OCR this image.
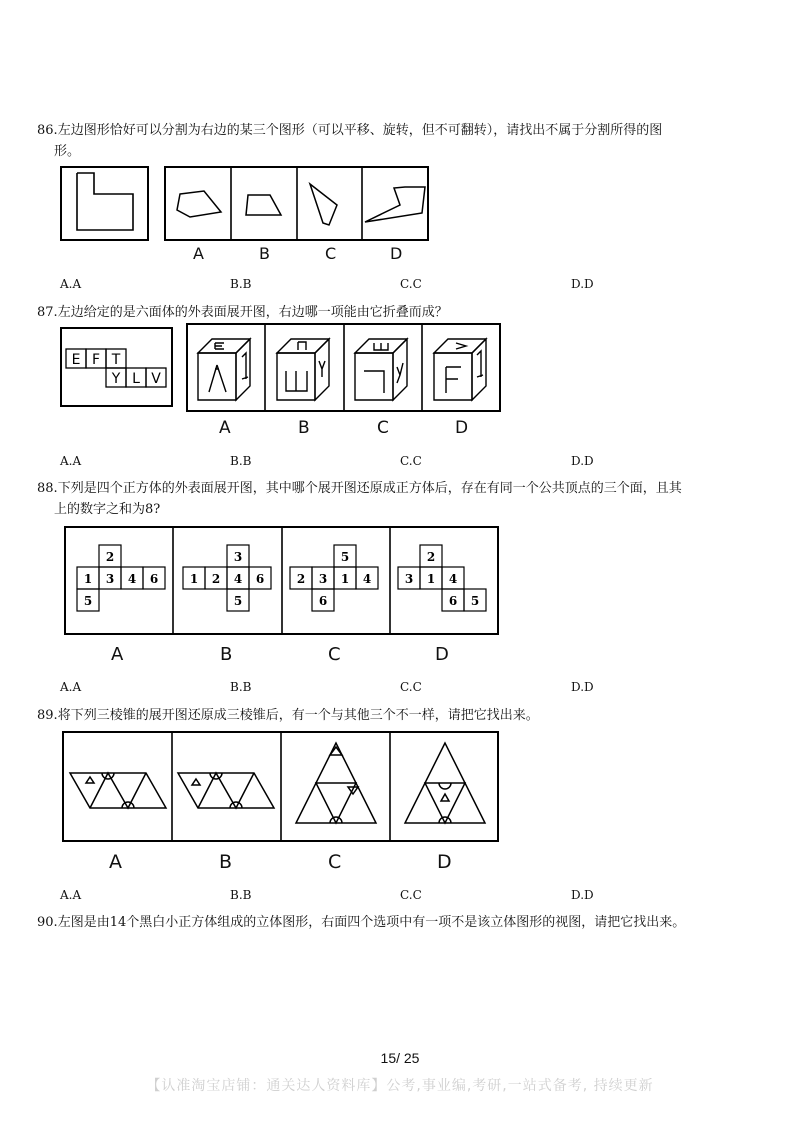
86.左边图形恰好可以分割为右边的某三个图形（可以平移、旋转，但不可翻转），请找出不属于分割所得的图
形。
A	B	C	D
A.A	B.B	C.C	D.D
87.左边给定的是六面体的外表面展开图，右边哪一项能由它折叠而成？
E F T
Y L V
A	B	C	D
A.A	B.B	C.C	D.D
88.下列是四个正方体的外表面展开图，其中哪个展开图还原成正方体后，存在有同一个公共顶点的三个面，且其
上的数字之和为8?
2
1 3 4 6
5
3
1 2 4 6
5
5
2 3 1 4
6
2
3 1 4
6 5
A	B	C	D
A.A	B.B	C.C	D.D
89.将下列三棱锥的展开图还原成三棱锥后，有一个与其他三个不一样，请把它找出来。
A	B	C	D
A.A	B.B	C.C	D.D
90.左图是由14个黑白小正方体组成的立体图形，右面四个选项中有一项不是该立体图形的视图，请把它找出来。
15/ 25
【认准淘宝店铺：通关达人资料库】公考,事业编,考研,一站式备考, 持续更新
